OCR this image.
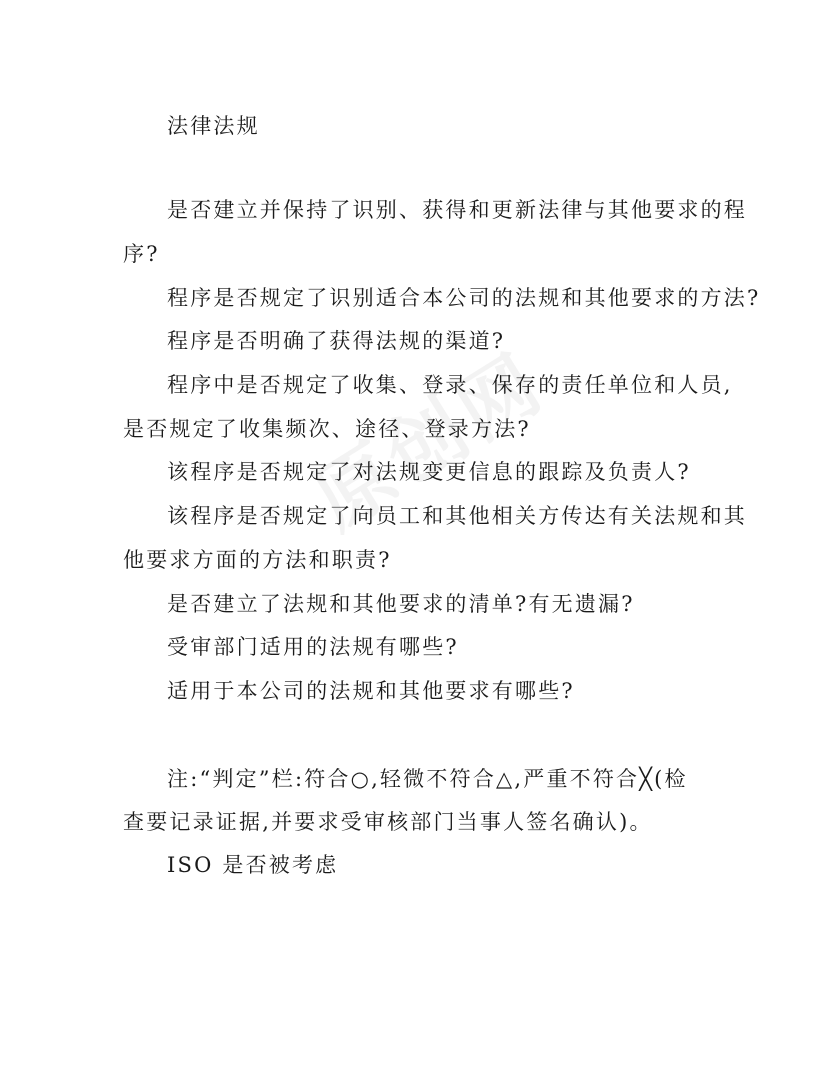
法律法规
是否建立并保持了识别、获得和更新法律与其他要求的程
序?
程序是否规定了识别适合本公司的法规和其他要求的方法?
程序是否明确了获得法规的渠道?
程序中是否规定了收集、登录、保存的责任单位和人员,
是否规定了收集频次、途径、登录方法?
该程序是否规定了对法规变更信息的跟踪及负责人?
该程序是否规定了向员工和其他相关方传达有关法规和其
他要求方面的方法和职责?
是否建立了法规和其他要求的清单?有无遗漏?
受审部门适用的法规有哪些?
适用于本公司的法规和其他要求有哪些?
注:“判定”栏:符合○,轻微不符合△,严重不符合╳(检
查要记录证据,并要求受审核部门当事人签名确认)。
ISO 是否被考虑
